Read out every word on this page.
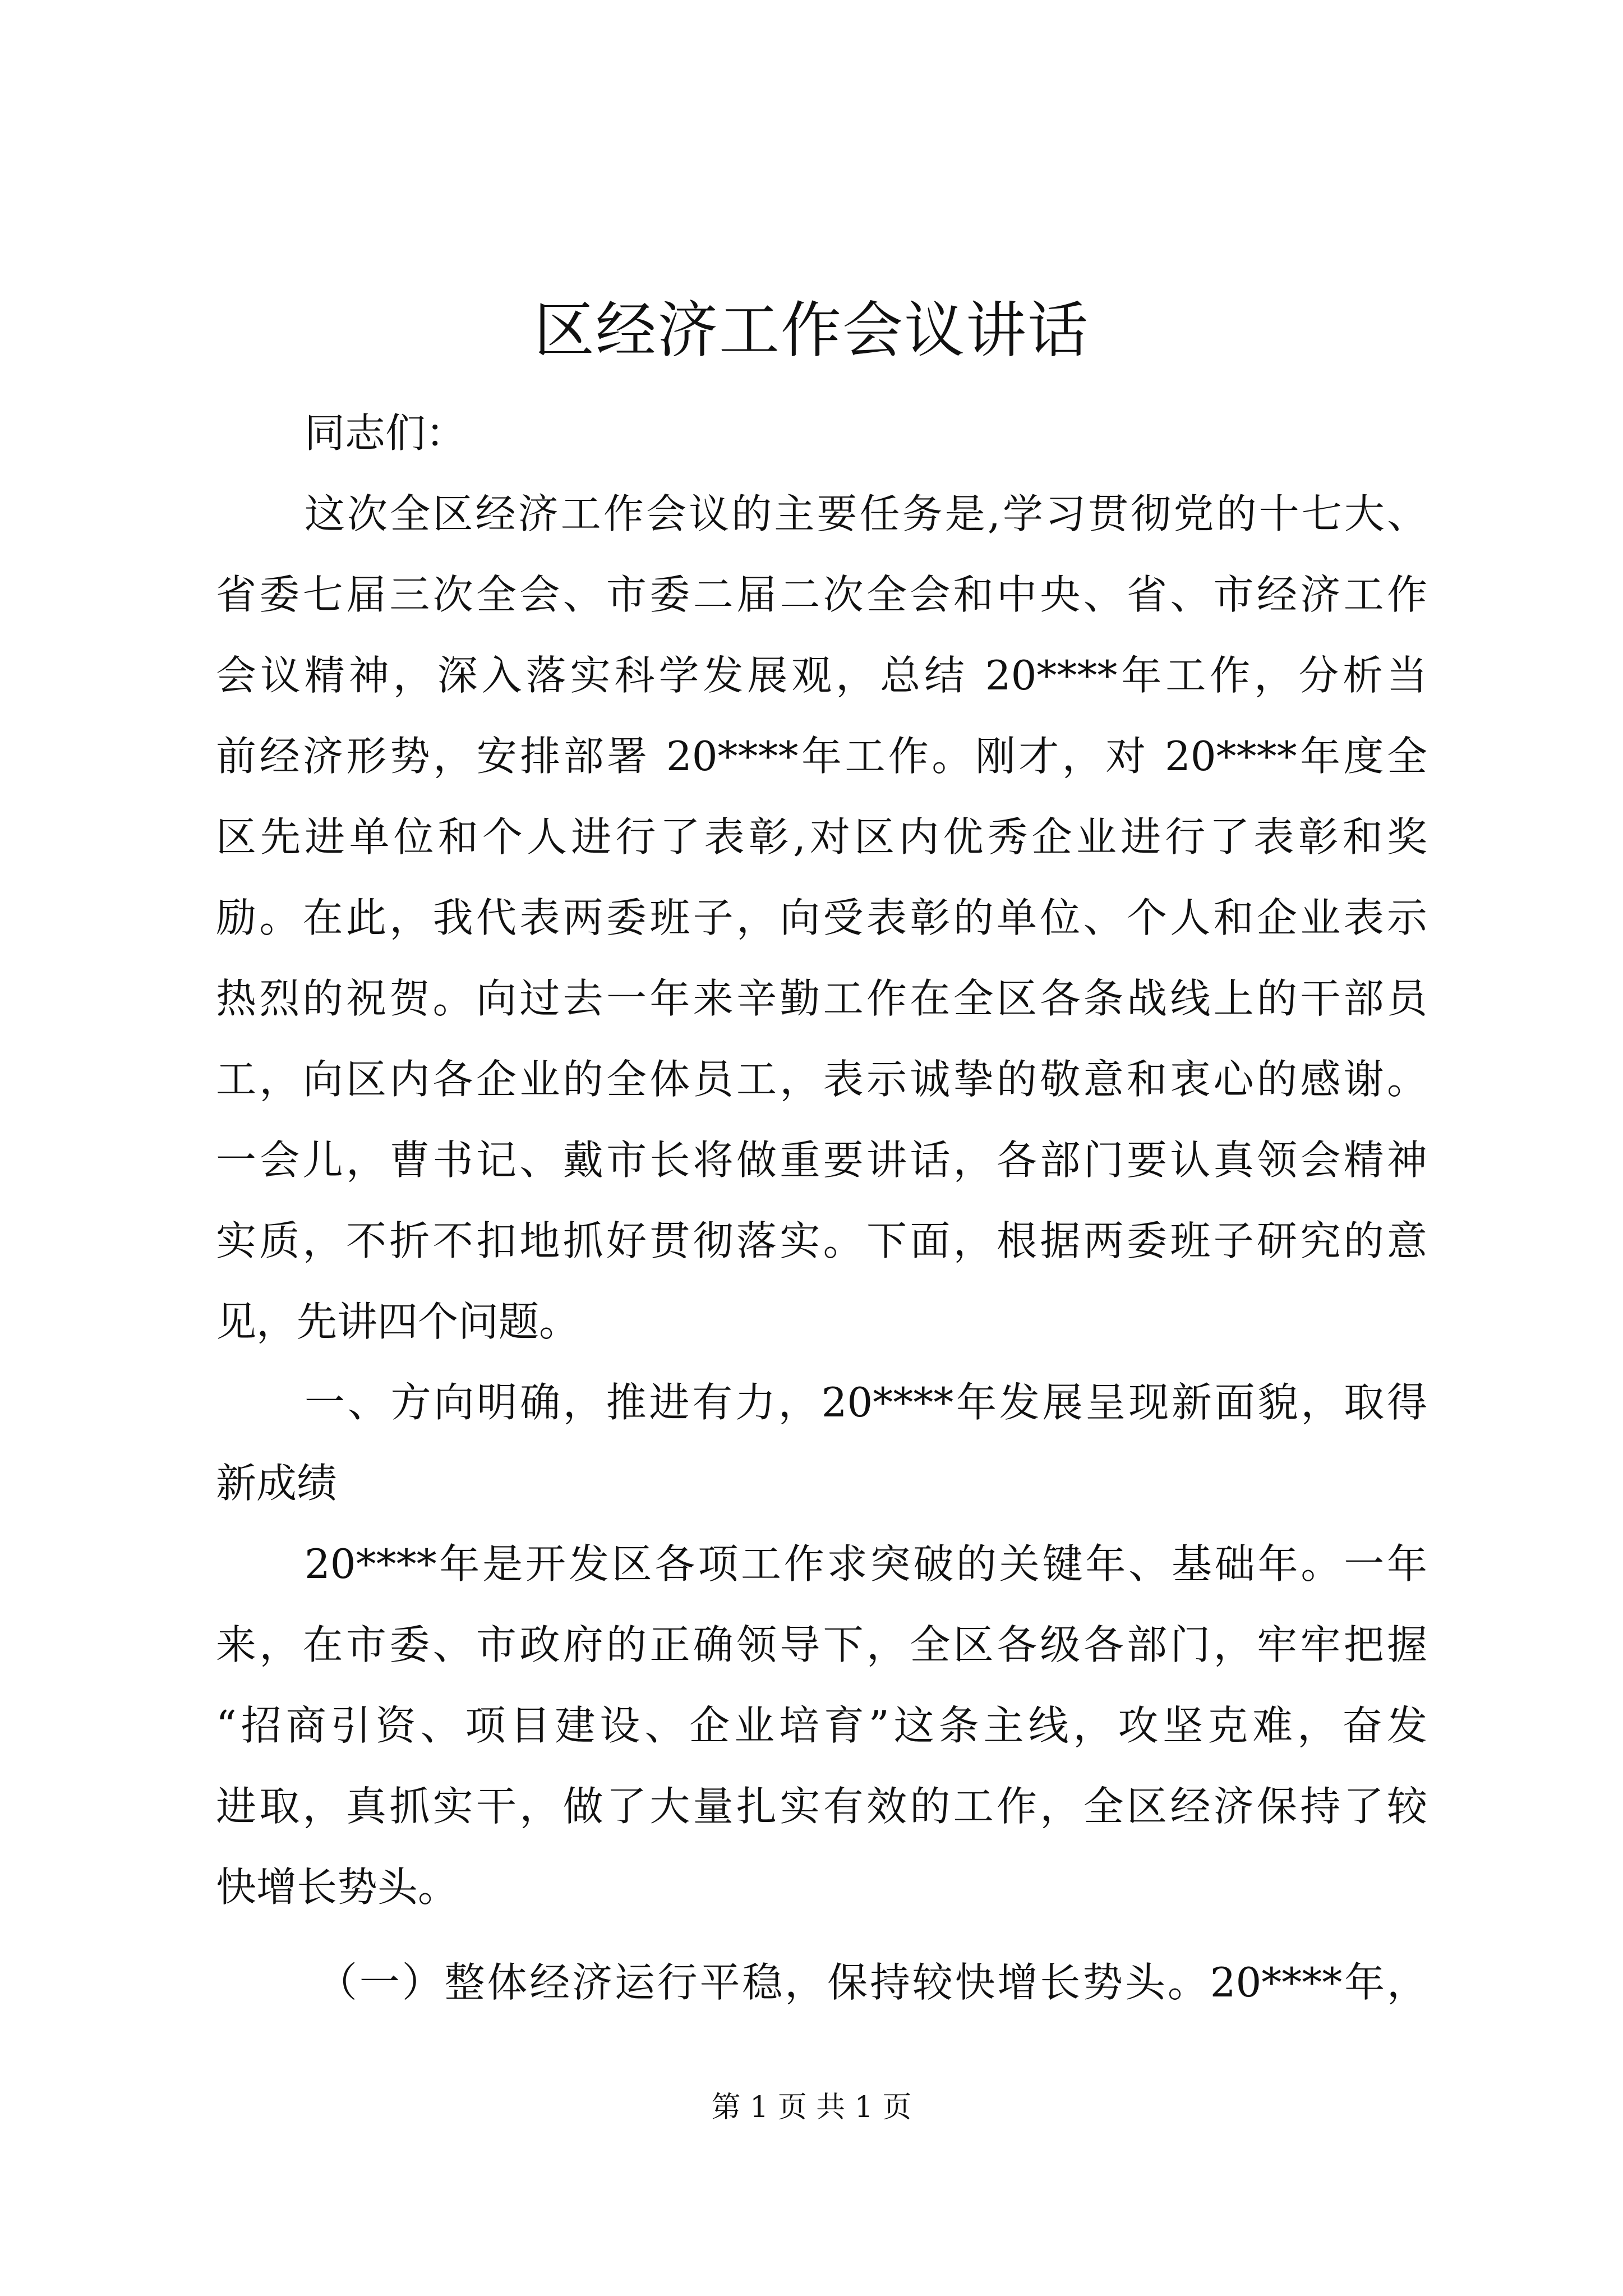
区经济工作会议讲话
同志们：
这次全区经济工作会议的主要任务是,学习贯彻党的十七大、
省委七届三次全会、市委二届二次全会和中央、省、市经济工作
会议精神，深入落实科学发展观，总结 20****年工作，分析当
前经济形势，安排部署 20****年工作。刚才，对 20****年度全
区先进单位和个人进行了表彰,对区内优秀企业进行了表彰和奖
励。在此，我代表两委班子，向受表彰的单位、个人和企业表示
热烈的祝贺。向过去一年来辛勤工作在全区各条战线上的干部员
工，向区内各企业的全体员工，表示诚挚的敬意和衷心的感谢。
一会儿，曹书记、戴市长将做重要讲话，各部门要认真领会精神
实质，不折不扣地抓好贯彻落实。下面，根据两委班子研究的意
见，先讲四个问题。
一、方向明确，推进有力，20****年发展呈现新面貌，取得
新成绩
20****年是开发区各项工作求突破的关键年、基础年。一年
来，在市委、市政府的正确领导下，全区各级各部门，牢牢把握
“招商引资、项目建设、企业培育”这条主线，攻坚克难，奋发
进取，真抓实干，做了大量扎实有效的工作，全区经济保持了较
快增长势头。
（一）整体经济运行平稳，保持较快增长势头。20****年，
第 1 页 共 1 页
